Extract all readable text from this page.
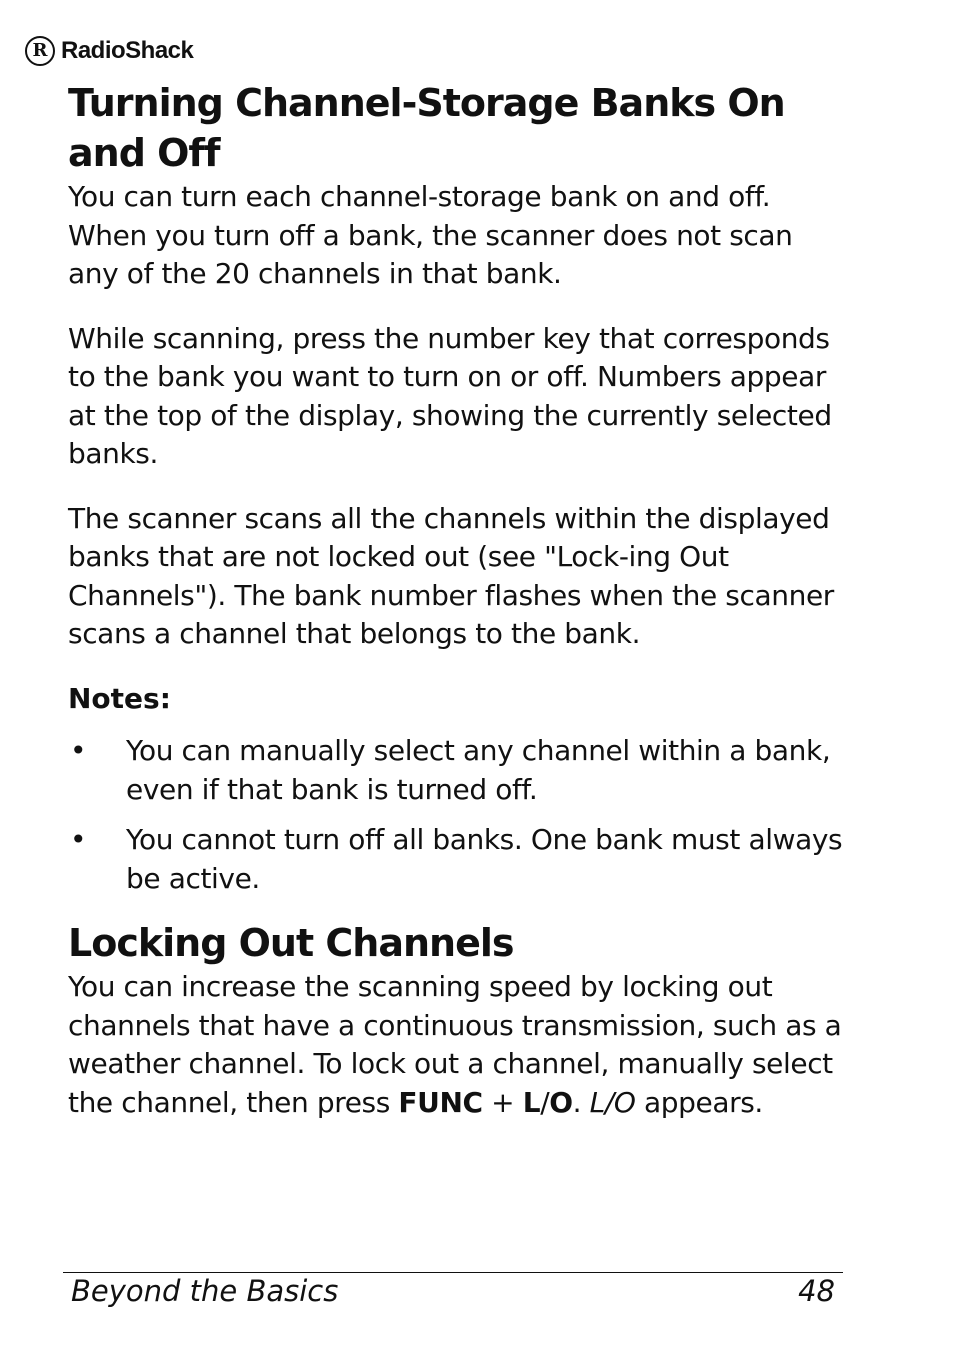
R RadioShack
Turning Channel-Storage Banks On and Off

You can turn each channel-storage bank on and off. When you turn off a bank, the scanner does not scan any of the 20 channels in that bank.

While scanning, press the number key that corresponds to the bank you want to turn on or off. Numbers appear at the top of the display, showing the currently selected banks.

The scanner scans all the channels within the displayed banks that are not locked out (see "Lock-ing Out Channels"). The bank number flashes when the scanner scans a channel that belongs to the bank.

Notes:
• You can manually select any channel within a bank, even if that bank is turned off.
• You cannot turn off all banks. One bank must always be active.
Locking Out Channels

You can increase the scanning speed by locking out channels that have a continuous transmission, such as a weather channel. To lock out a channel, manually select the channel, then press FUNC + L/O. L/O appears.

Beyond the Basics	48
